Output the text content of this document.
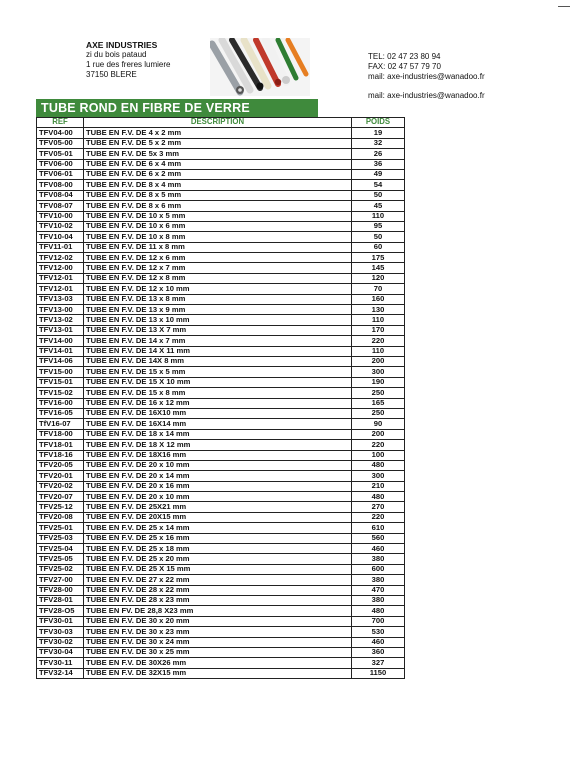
AXE INDUSTRIES
zi du bois pataud
1 rue des freres lumiere
37150 BLERE
TEL: 02 47 23 80 94
FAX: 02 47 57 79 70
mail: axe-industries@wanadoo.fr
mail: axe-industries@wanadoo.fr
TUBE ROND EN FIBRE DE VERRE
REF	DESCRIPTION	POIDS
TFV04-00	TUBE EN F.V. DE 4 x 2 mm	19
TFV05-00	TUBE EN F.V. DE 5 x 2 mm	32
TFV05-01	TUBE EN F.V. DE 5x 3 mm	26
TFV06-00	TUBE EN F.V. DE 6 x 4 mm	36
TFV06-01	TUBE EN F.V. DE 6 x 2 mm	49
TFV08-00	TUBE EN F.V. DE 8 x 4 mm	54
TFV08-04	TUBE EN F.V. DE 8 x 5 mm	50
TFV08-07	TUBE EN F.V. DE 8 x 6 mm	45
TFV10-00	TUBE EN F.V. DE 10 x 5 mm	110
TFV10-02	TUBE EN F.V. DE 10 x 6 mm	95
TFV10-04	TUBE EN F.V. DE 10 x 8 mm	50
TFV11-01	TUBE EN F.V. DE 11 x 8 mm	60
TFV12-02	TUBE EN F.V. DE 12 x 6 mm	175
TFV12-00	TUBE EN F.V. DE 12 x 7 mm	145
TFV12-01	TUBE EN F.V. DE 12 x 8 mm	120
TFV12-01	TUBE EN F.V. DE 12 x 10 mm	70
TFV13-03	TUBE EN F.V. DE 13 x 8 mm	160
TFV13-00	TUBE EN F.V. DE 13 x 9 mm	130
TFV13-02	TUBE EN F.V. DE 13 x 10 mm	110
TFV13-01	TUBE EN F.V. DE 13 X 7 mm	170
TFV14-00	TUBE EN F.V. DE 14 x 7 mm	220
TFV14-01	TUBE EN F.V. DE 14 X 11 mm	110
TFV14-06	TUBE EN F.V. DE 14X 8 mm	200
TFV15-00	TUBE EN F.V. DE 15 x 5 mm	300
TFV15-01	TUBE EN F.V. DE 15 X 10 mm	190
TFV15-02	TUBE EN F.V. DE 15 x 8 mm	250
TFV16-00	TUBE EN F.V. DE 16 x 12 mm	165
TFV16-05	TUBE EN F.V. DE 16X10 mm	250
TfV16-07	TUBE EN F.V. DE 16X14 mm	90
TFV18-00	TUBE EN F.V. DE 18 x 14 mm	200
TFV18-01	TUBE EN F.V. DE 18 X 12 mm	220
TFV18-16	TUBE EN F.V. DE 18X16 mm	100
TFV20-05	TUBE EN F.V. DE 20 x 10 mm	480
TFV20-01	TUBE EN F.V. DE 20 x 14 mm	300
TFV20-02	TUBE EN F.V. DE 20 x 16 mm	210
TFV20-07	TUBE EN F.V. DE 20 x 10 mm	480
TFV25-12	TUBE EN F.V. DE 25X21 mm	270
TFV20-08	TUBE EN F.V. DE 20X15 mm	220
TFV25-01	TUBE EN F.V. DE 25 x 14 mm	610
TFV25-03	TUBE EN F.V. DE 25 x 16 mm	560
TFV25-04	TUBE EN F.V. DE 25 x 18 mm	460
TFV25-05	TUBE EN F.V. DE 25 x 20 mm	380
TFV25-02	TUBE EN F.V. DE 25 X 15 mm	600
TFV27-00	TUBE EN F.V. DE 27 x 22 mm	380
TFV28-00	TUBE EN F.V. DE 28 x 22 mm	470
TFV28-01	TUBE EN F.V. DE 28 x 23 mm	380
TFV28-O5	TUBE EN FV. DE 28,8 X23 mm	480
TFV30-01	TUBE EN F.V. DE 30 x 20 mm	700
TFV30-03	TUBE EN F.V. DE 30 x 23 mm	530
TFV30-02	TUBE EN F.V. DE 30 x 24 mm	460
TFV30-04	TUBE EN F.V. DE 30 x 25 mm	360
TFV30-11	TUBE EN F.V. DE 30X26 mm	327
TFV32-14	TUBE EN F.V. DE 32X15 mm	1150
